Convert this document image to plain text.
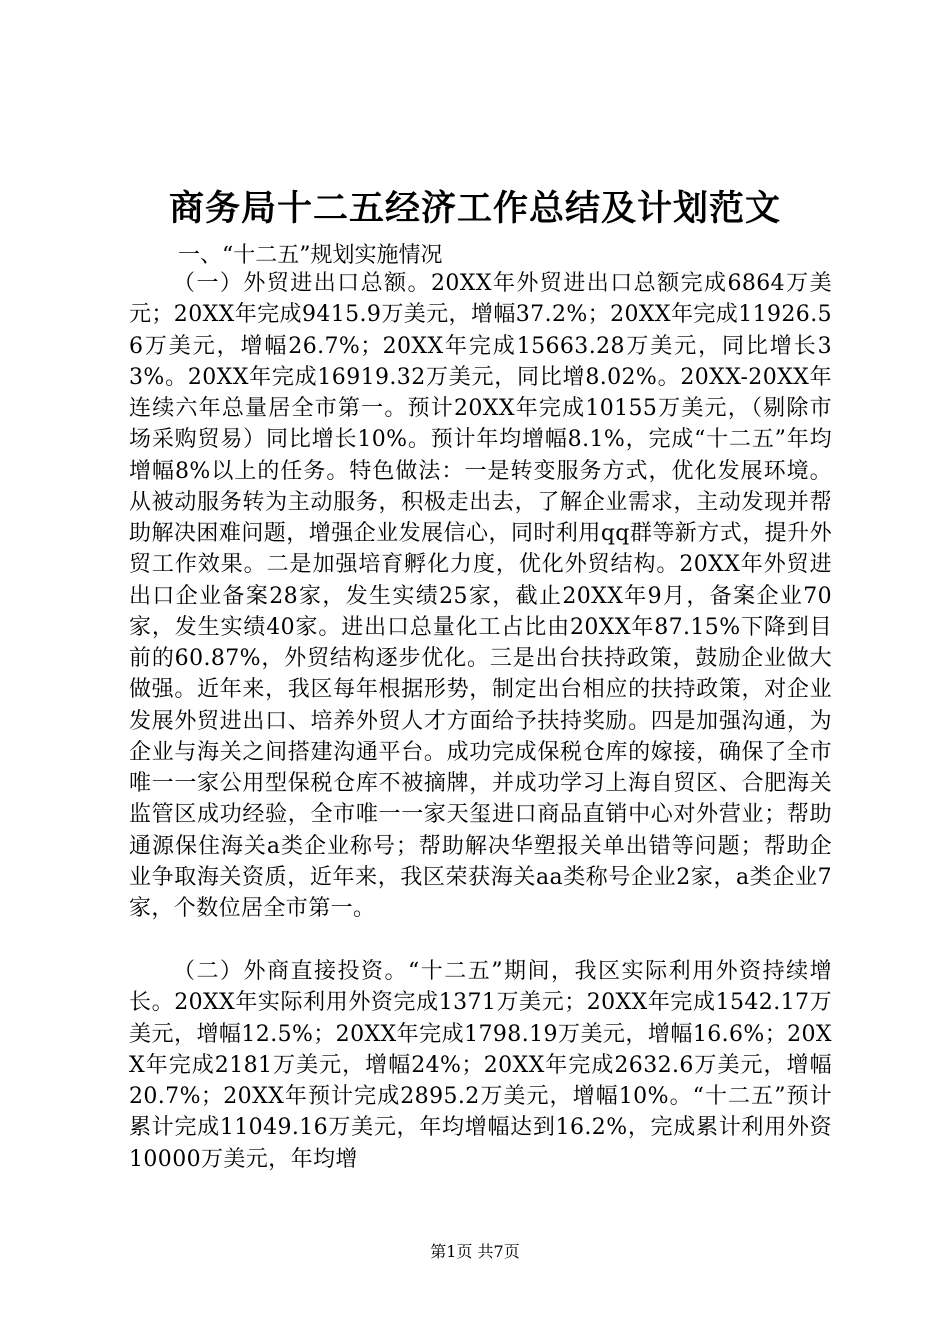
商务局十二五经济工作总结及计划范文

一、“十二五”规划实施情况

（一）外贸进出口总额。20XX年外贸进出口总额完成6864万美元；20XX年完成9415.9万美元，增幅37.2%；20XX年完成11926.56万美元，增幅26.7%；20XX年完成15663.28万美元，同比增长33%。20XX年完成16919.32万美元，同比增8.02%。20XX-20XX年连续六年总量居全市第一。预计20XX年完成10155万美元，（剔除市场采购贸易）同比增长10%。预计年均增幅8.1%，完成“十二五”年均增幅8%以上的任务。特色做法：一是转变服务方式，优化发展环境。从被动服务转为主动服务，积极走出去，了解企业需求，主动发现并帮助解决困难问题，增强企业发展信心，同时利用qq群等新方式，提升外贸工作效果。二是加强培育孵化力度，优化外贸结构。20XX年外贸进出口企业备案28家，发生实绩25家，截止20XX年9月，备案企业70家，发生实绩40家。进出口总量化工占比由20XX年87.15%下降到目前的60.87%，外贸结构逐步优化。三是出台扶持政策，鼓励企业做大做强。近年来，我区每年根据形势，制定出台相应的扶持政策，对企业发展外贸进出口、培养外贸人才方面给予扶持奖励。四是加强沟通，为企业与海关之间搭建沟通平台。成功完成保税仓库的嫁接，确保了全市唯一一家公用型保税仓库不被摘牌，并成功学习上海自贸区、合肥海关监管区成功经验，全市唯一一家天玺进口商品直销中心对外营业；帮助通源保住海关a类企业称号；帮助解决华塑报关单出错等问题；帮助企业争取海关资质，近年来，我区荣获海关aa类称号企业2家，a类企业7家，个数位居全市第一。

（二）外商直接投资。“十二五”期间，我区实际利用外资持续增长。20XX年实际利用外资完成1371万美元；20XX年完成1542.17万美元，增幅12.5%；20XX年完成1798.19万美元，增幅16.6%；20XX年完成2181万美元，增幅24%；20XX年完成2632.6万美元，增幅20.7%；20XX年预计完成2895.2万美元，增幅10%。“十二五”预计累计完成11049.16万美元，年均增幅达到16.2%，完成累计利用外资10000万美元，年均增

第1页 共7页
